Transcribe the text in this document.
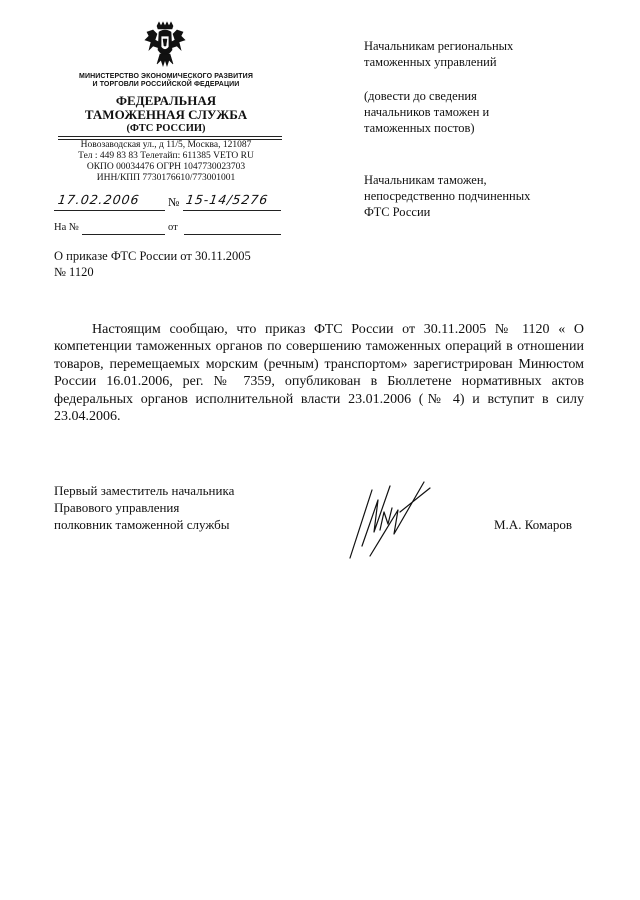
МИНИСТЕРСТВО ЭКОНОМИЧЕСКОГО РАЗВИТИЯ
И ТОРГОВЛИ РОССИЙСКОЙ ФЕДЕРАЦИИ
ФЕДЕРАЛЬНАЯ
ТАМОЖЕННАЯ СЛУЖБА
(ФТС РОССИИ)
Новозаводская ул., д 11/5, Москва, 121087
Тел : 449 83 83 Телетайп: 611385 VETO RU
ОКПО 00034476 ОГРН 1047730023703
ИНН/КПП 7730176610/773001001
17.02.2006 № 15-14/5276
На №	от
О приказе ФТС России от 30.11.2005
№ 1120
Начальникам региональных
таможенных управлений
(довести до сведения
начальников таможен и
таможенных постов)
Начальникам таможен,
непосредственно подчиненных
ФТС России
Настоящим сообщаю, что приказ ФТС России от 30.11.2005 № 1120 « О компетенции таможенных органов по совершению таможенных операций в отношении товаров, перемещаемых морским (речным) транспортом» зарегистрирован Минюстом России 16.01.2006, рег. № 7359, опубликован в Бюллетене нормативных актов федеральных органов исполнительной власти 23.01.2006 (№ 4) и вступит в силу 23.04.2006.
Первый заместитель начальника
Правового управления
полковник таможенной службы	М.А. Комаров
